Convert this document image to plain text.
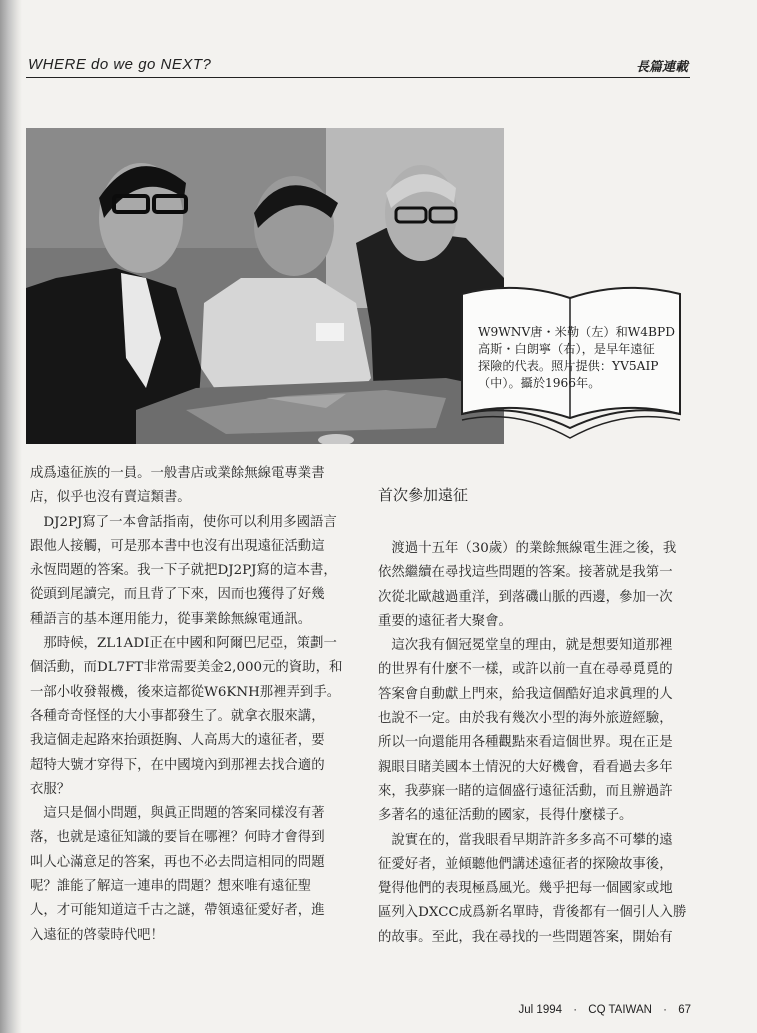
WHERE do we go NEXT?	長篇連載
W9WNV唐・米勒（左）和W4BPD
高斯・白朗寧（右），是早年遠征
探險的代表。照片提供：YV5AIP
（中）。攝於1966年。

成爲遠征族的一員。一般書店或業餘無線電專業書

店，似乎也沒有賣這類書。

　DJ2PJ寫了一本會話指南，使你可以利用多國語言

跟他人接觸，可是那本書中也沒有出現遠征活動這

永恆問題的答案。我一下子就把DJ2PJ寫的這本書，

從頭到尾讀完，而且背了下來，因而也獲得了好幾

種語言的基本運用能力，從事業餘無線電通訊。

　那時候，ZL1ADI正在中國和阿爾巴尼亞，策劃一

個活動，而DL7FT非常需要美金2,000元的資助，和

一部小收發報機，後來這都從W6KNH那裡弄到手。

各種奇奇怪怪的大小事都發生了。就拿衣服來講，

我這個走起路來抬頭挺胸、人高馬大的遠征者，要

超特大號才穿得下，在中國境內到那裡去找合適的

衣服？

　這只是個小問題，與眞正問題的答案同樣沒有著

落，也就是遠征知識的要旨在哪裡？何時才會得到

叫人心滿意足的答案，再也不必去問這相同的問題

呢？誰能了解這一連串的問題？想來唯有遠征聖

人，才可能知道這千古之謎，帶領遠征愛好者，進

入遠征的啓蒙時代吧！

首次參加遠征

　渡過十五年（30歲）的業餘無線電生涯之後，我

依然繼續在尋找這些問題的答案。接著就是我第一

次從北歐越過重洋，到落磯山脈的西邊，參加一次

重要的遠征者大聚會。

　這次我有個冠冕堂皇的理由，就是想要知道那裡

的世界有什麼不一樣，或許以前一直在尋尋覓覓的

答案會自動獻上門來，給我這個酷好追求眞理的人

也說不一定。由於我有幾次小型的海外旅遊經驗，

所以一向還能用各種觀點來看這個世界。現在正是

親眼目睹美國本土情況的大好機會，看看過去多年

來，我夢寐一睹的這個盛行遠征活動，而且辦過許

多著名的遠征活動的國家，長得什麼樣子。

　說實在的，當我眼看早期許許多多高不可攀的遠

征愛好者，並傾聽他們講述遠征者的探險故事後，

覺得他們的表現極爲風光。幾乎把每一個國家或地

區列入DXCC成爲新名單時，背後都有一個引人入勝

的故事。至此，我在尋找的一些問題答案，開始有

Jul 1994 · CQ TAIWAN · 67
